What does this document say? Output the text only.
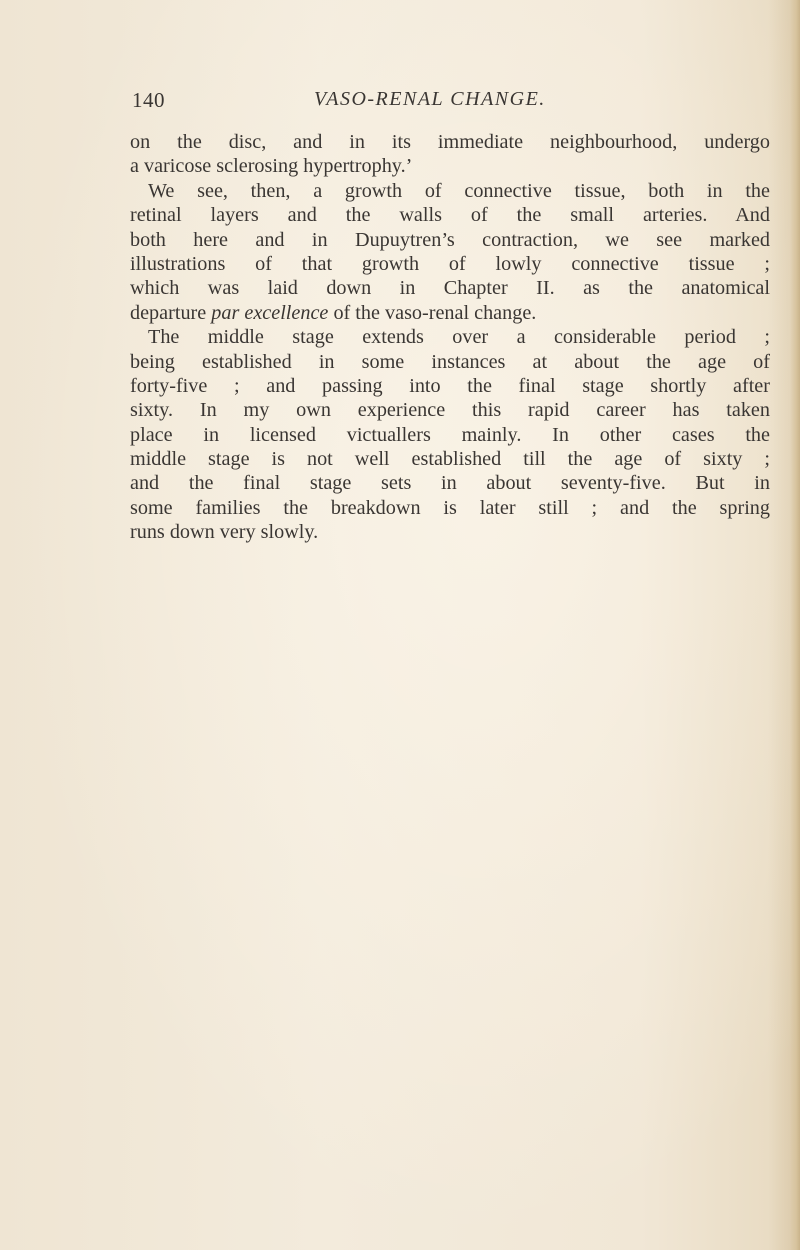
140	VASO-RENAL CHANGE.
on the disc, and in its immediate neighbourhood, undergo
a varicose sclerosing hypertrophy.’
We see, then, a growth of connective tissue, both in the
retinal layers and the walls of the small arteries. And
both here and in Dupuytren’s contraction, we see marked
illustrations of that growth of lowly connective tissue ;
which was laid down in Chapter II. as the anatomical
departure par excellence of the vaso-renal change.
The middle stage extends over a considerable period ;
being established in some instances at about the age of
forty-five ; and passing into the final stage shortly after
sixty. In my own experience this rapid career has taken
place in licensed victuallers mainly. In other cases the
middle stage is not well established till the age of sixty ;
and the final stage sets in about seventy-five. But in
some families the breakdown is later still ; and the spring
runs down very slowly.
